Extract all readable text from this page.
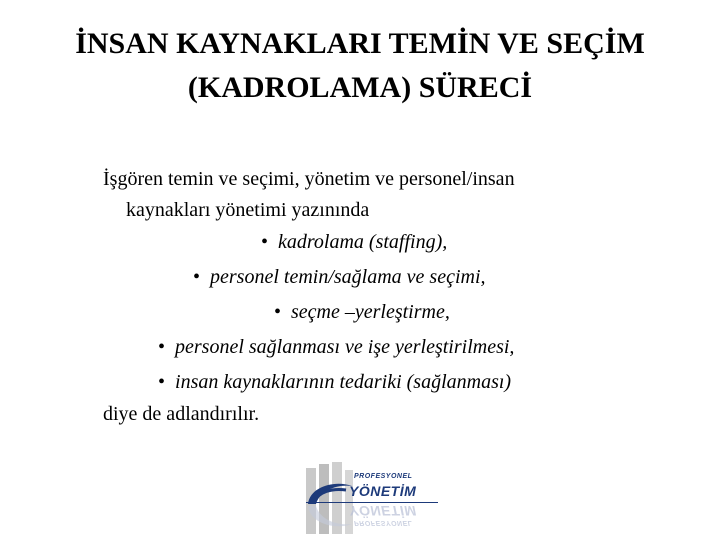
İNSAN KAYNAKLARI TEMİN VE SEÇİM
(KADROLAMA) SÜRECİ
İşgören temin ve seçimi, yönetim ve personel/insan
kaynakları yönetimi yazınında
• kadrolama (staffing),
• personel temin/sağlama ve seçimi,
• seçme –yerleştirme,
• personel sağlanması ve işe yerleştirilmesi,
• insan kaynaklarının tedariki (sağlanması)
diye de adlandırılır.
PROFESYONEL
YÖNETİM
YÖNETİM
PROFESYONEL
